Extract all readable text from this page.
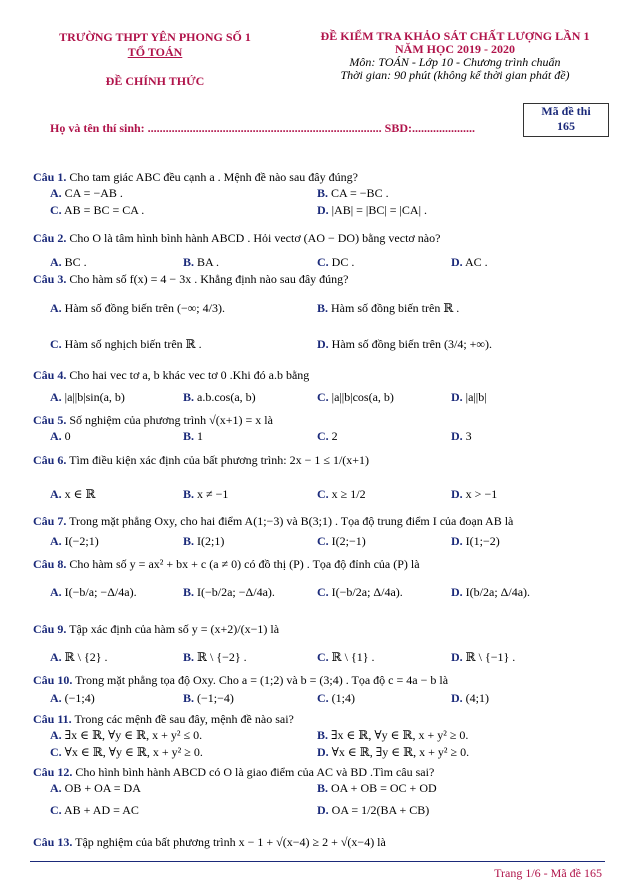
TRƯỜNG THPT YÊN PHONG SỐ 1
TỔ TOÁN
ĐỀ CHÍNH THỨC
ĐỀ KIỂM TRA KHẢO SÁT CHẤT LƯỢNG LẦN 1
NĂM HỌC 2019 - 2020
Môn: TOÁN - Lớp 10 - Chương trình chuẩn
Thời gian: 90 phút (không kể thời gian phát đề)
Họ và tên thí sinh: .............................................................................. SBD:.....................
Mã đề thi
165
Câu 1. Cho tam giác ABC đều cạnh a . Mệnh đề nào sau đây đúng?
A. CA = −AB .	B. CA = −BC .
C. AB = BC = CA .	D. |AB| = |BC| = |CA| .
Câu 2. Cho O là tâm hình bình hành ABCD . Hỏi vectơ (AO − DO) bằng vectơ nào?
A. BC .	B. BA .	C. DC .	D. AC .
Câu 3. Cho hàm số f(x) = 4 − 3x . Khẳng định nào sau đây đúng?
A. Hàm số đồng biến trên (−∞; 4/3).	B. Hàm số đồng biến trên ℝ .
C. Hàm số nghịch biến trên ℝ .	D. Hàm số đồng biến trên (3/4; +∞).
Câu 4. Cho hai vec tơ a, b khác vec tơ 0 .Khi đó a.b bằng
A. |a||b|sin(a, b)	B. a.b.cos(a, b)	C. |a||b|cos(a, b)	D. |a||b|
Câu 5. Số nghiệm của phương trình √(x+1) = x là
A. 0	B. 1	C. 2	D. 3
Câu 6. Tìm điều kiện xác định của bất phương trình: 2x − 1 ≤ 1/(x+1)
A. x ∈ ℝ	B. x ≠ −1	C. x ≥ 1/2	D. x > −1
Câu 7. Trong mặt phẳng Oxy, cho hai điểm A(1;−3) và B(3;1) . Tọa độ trung điểm I của đoạn AB là
A. I(−2;1)	B. I(2;1)	C. I(2;−1)	D. I(1;−2)
Câu 8. Cho hàm số y = ax² + bx + c (a ≠ 0) có đồ thị (P) . Tọa độ đỉnh của (P) là
A. I(−b/a; −Δ/4a).	B. I(−b/2a; −Δ/4a).	C. I(−b/2a; Δ/4a).	D. I(b/2a; Δ/4a).
Câu 9. Tập xác định của hàm số y = (x+2)/(x−1) là
A. ℝ \ {2} .	B. ℝ \ {−2} .	C. ℝ \ {1} .	D. ℝ \ {−1} .
Câu 10. Trong mặt phẳng tọa độ Oxy. Cho a = (1;2) và b = (3;4) . Tọa độ c = 4a − b là
A. (−1;4)	B. (−1;−4)	C. (1;4)	D. (4;1)
Câu 11. Trong các mệnh đề sau đây, mệnh đề nào sai?
A. ∃x ∈ ℝ, ∀y ∈ ℝ, x + y² ≤ 0.	B. ∃x ∈ ℝ, ∀y ∈ ℝ, x + y² ≥ 0.
C. ∀x ∈ ℝ, ∀y ∈ ℝ, x + y² ≥ 0.	D. ∀x ∈ ℝ, ∃y ∈ ℝ, x + y² ≥ 0.
Câu 12. Cho hình bình hành ABCD có O là giao điểm của AC và BD .Tìm câu sai?
A. OB + OA = DA	B. OA + OB = OC + OD
C. AB + AD = AC	D. OA = 1/2(BA + CB)
Câu 13. Tập nghiệm của bất phương trình x − 1 + √(x−4) ≥ 2 + √(x−4) là
Trang 1/6 - Mã đề 165
